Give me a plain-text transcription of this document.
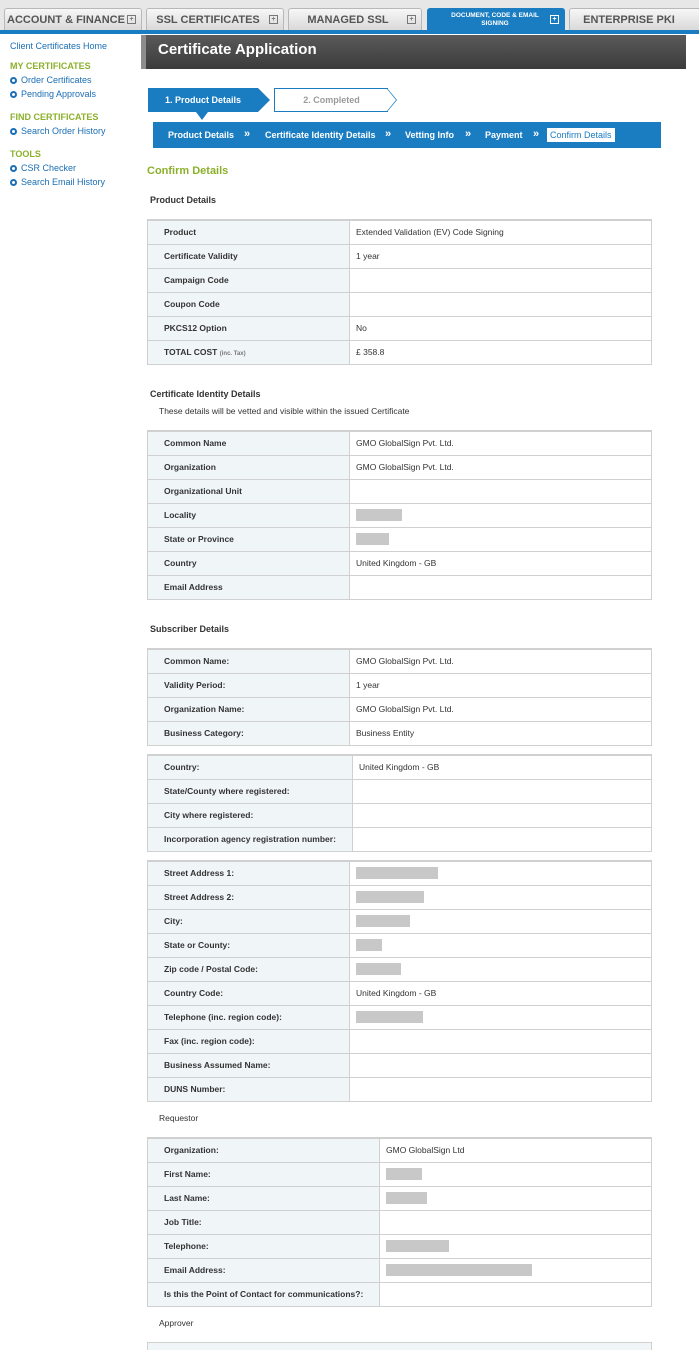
ACCOUNT & FINANCE + SSL CERTIFICATES	+	MANAGED SSL	+
DOCUMENT, CODE & EMAIL SIGNING	+ ENTERPRISE PKI
Client Certificates Home
MY CERTIFICATES
Order Certificates
Pending Approvals
FIND CERTIFICATES
Search Order History
TOOLS
CSR Checker
Search Email History
Certificate Application
1. Product Details	2. Completed
Product Details » Certificate Identity Details » Vetting Info » Payment »	Confirm Details
Confirm Details
Product Details
Product	Extended Validation (EV) Code Signing
Certificate Validity	1 year
Campaign Code	
Coupon Code	
PKCS12 Option	No
TOTAL COST (inc. Tax)	£ 358.8
Certificate Identity Details
These details will be vetted and visible within the issued Certificate
Common Name	GMO GlobalSign Pvt. Ltd.
Organization	GMO GlobalSign Pvt. Ltd.
Organizational Unit	
Locality	
State or Province	
Country	United Kingdom - GB
Email Address	
Subscriber Details
Common Name:	GMO GlobalSign Pvt. Ltd.
Validity Period:	1 year
Organization Name:	GMO GlobalSign Pvt. Ltd.
Business Category:	Business Entity
Country:	United Kingdom - GB
State/County where registered:	
City where registered:	
Incorporation agency registration number:	
Street Address 1:	
Street Address 2:	
City:	
State or County:	
Zip code / Postal Code:	
Country Code:	United Kingdom - GB
Telephone (inc. region code):	
Fax (inc. region code):	
Business Assumed Name:	
DUNS Number:	
Requestor
Organization:	GMO GlobalSign Ltd
First Name:	
Last Name:	
Job Title:	
Telephone:	
Email Address:	
Is this the Point of Contact for communications?:	
Approver
